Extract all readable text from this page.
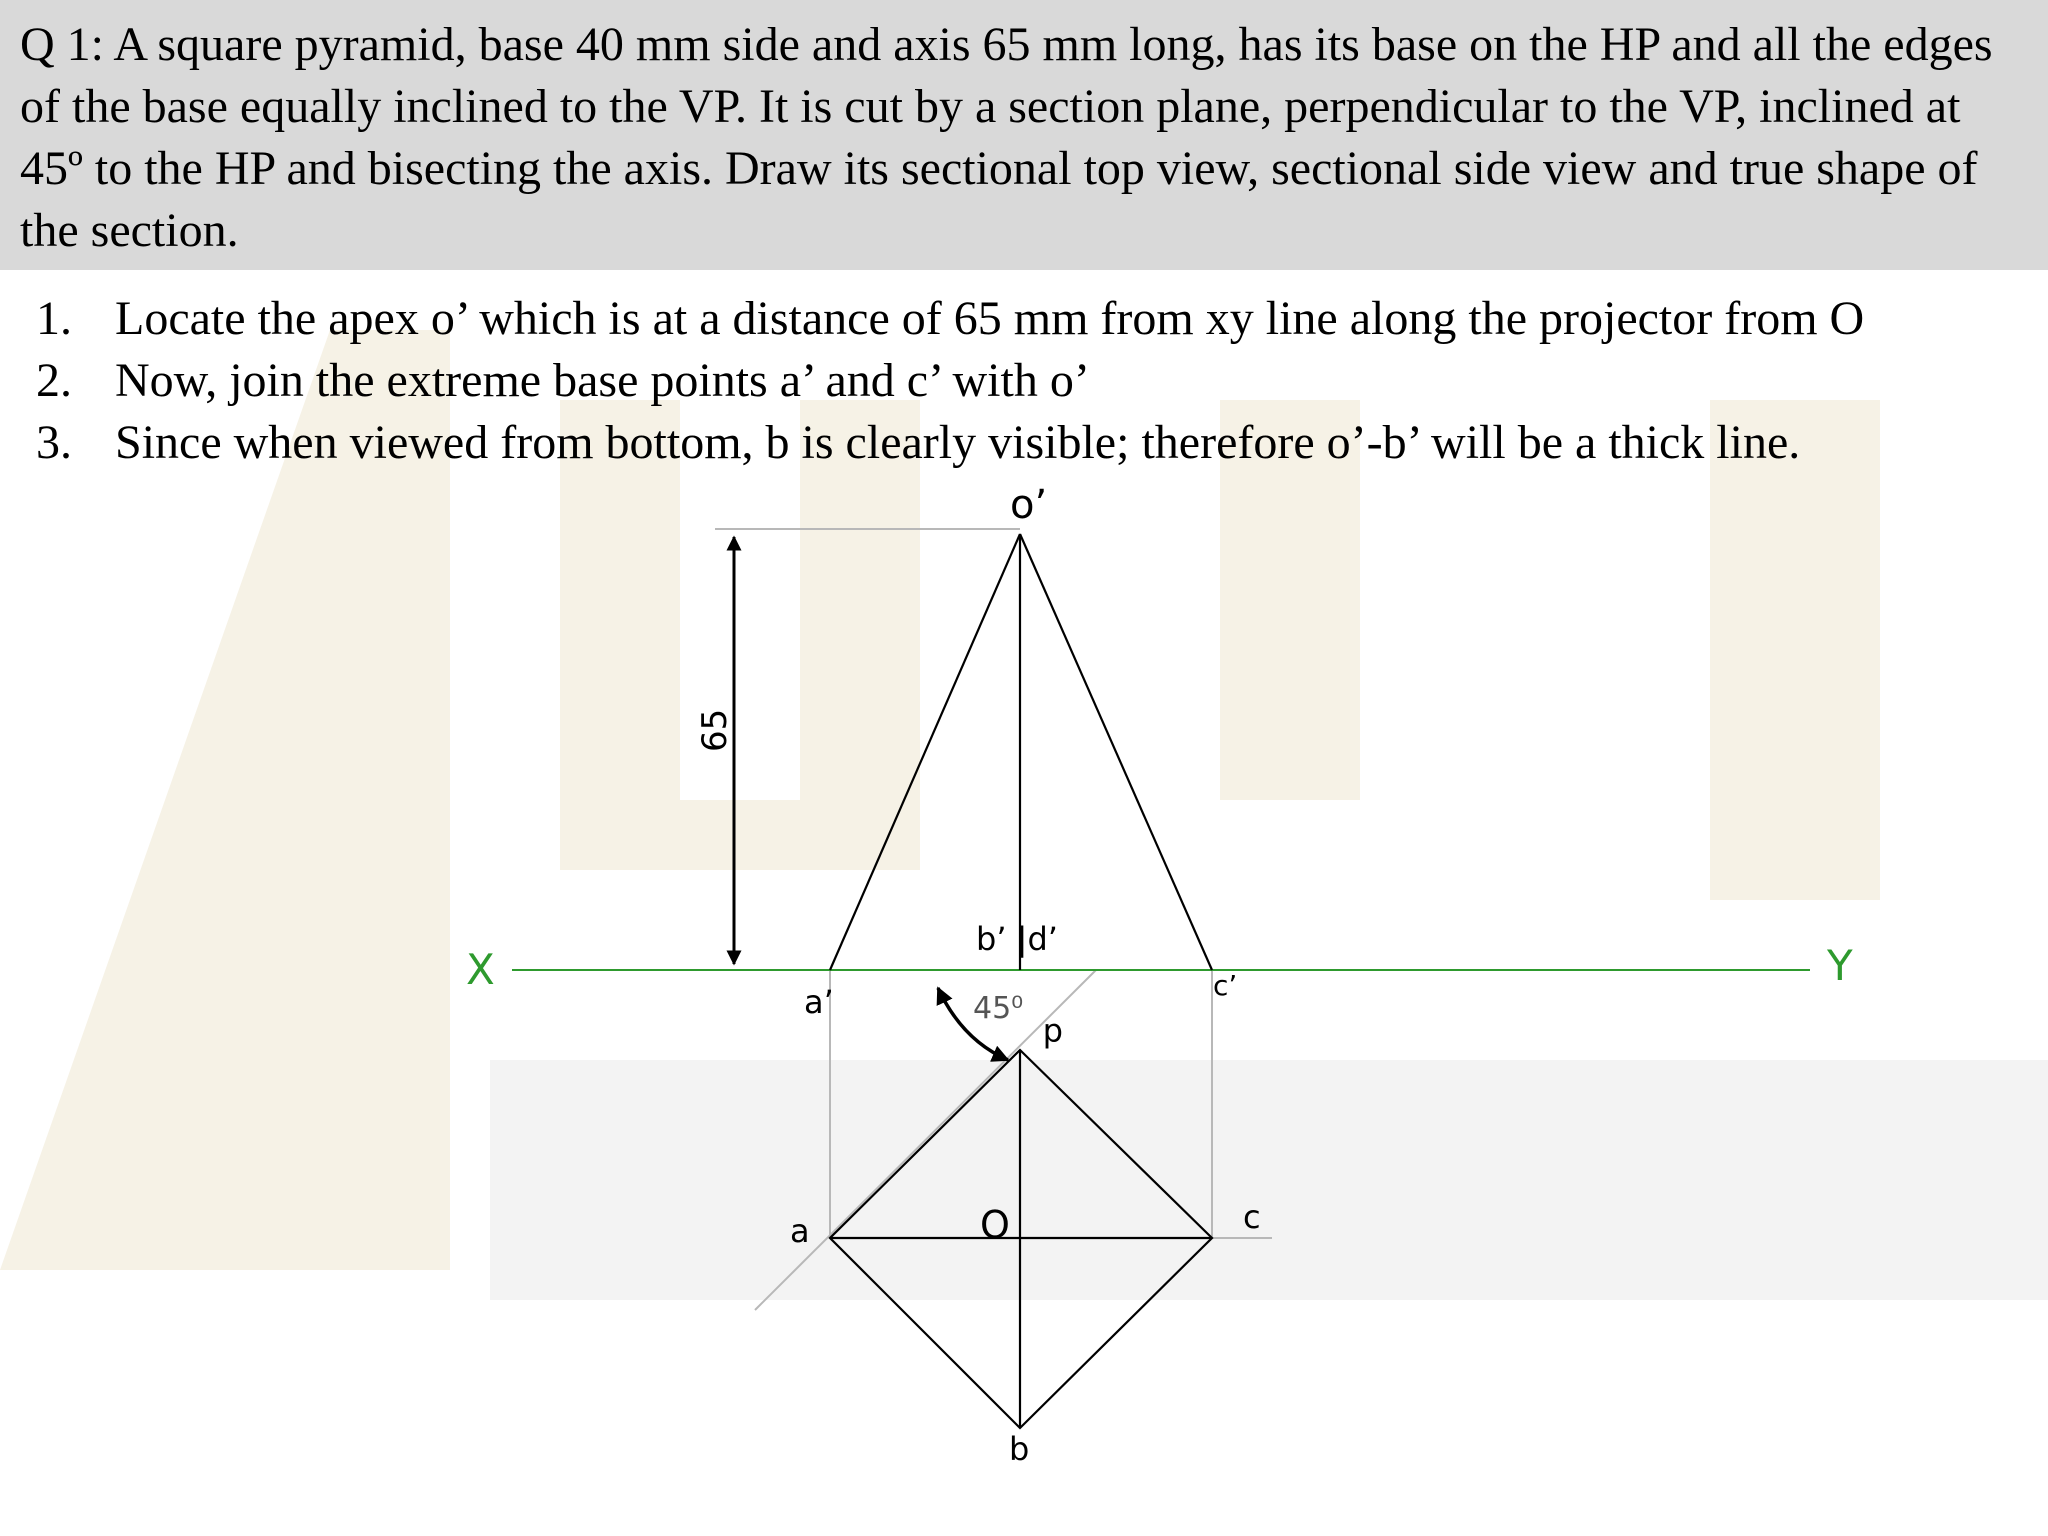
Q 1: A square pyramid, base 40 mm side and axis 65 mm long, has its base on the HP and all the edges of the base equally inclined to the VP. It is cut by a section plane, perpendicular to the VP, inclined at 45º to the HP and bisecting the axis. Draw its sectional top view, sectional side view and true shape of the section.

1. Locate the apex o’ which is at a distance of 65 mm from xy line along the projector from O
2. Now, join the extreme base points a’ and c’ with o’
3. Since when viewed from bottom, b is clearly visible; therefore o’-b’ will be a thick line.
X	Y
65
o’
b’ |d’
a’	c’
45⁰
d
a	O	c
b
